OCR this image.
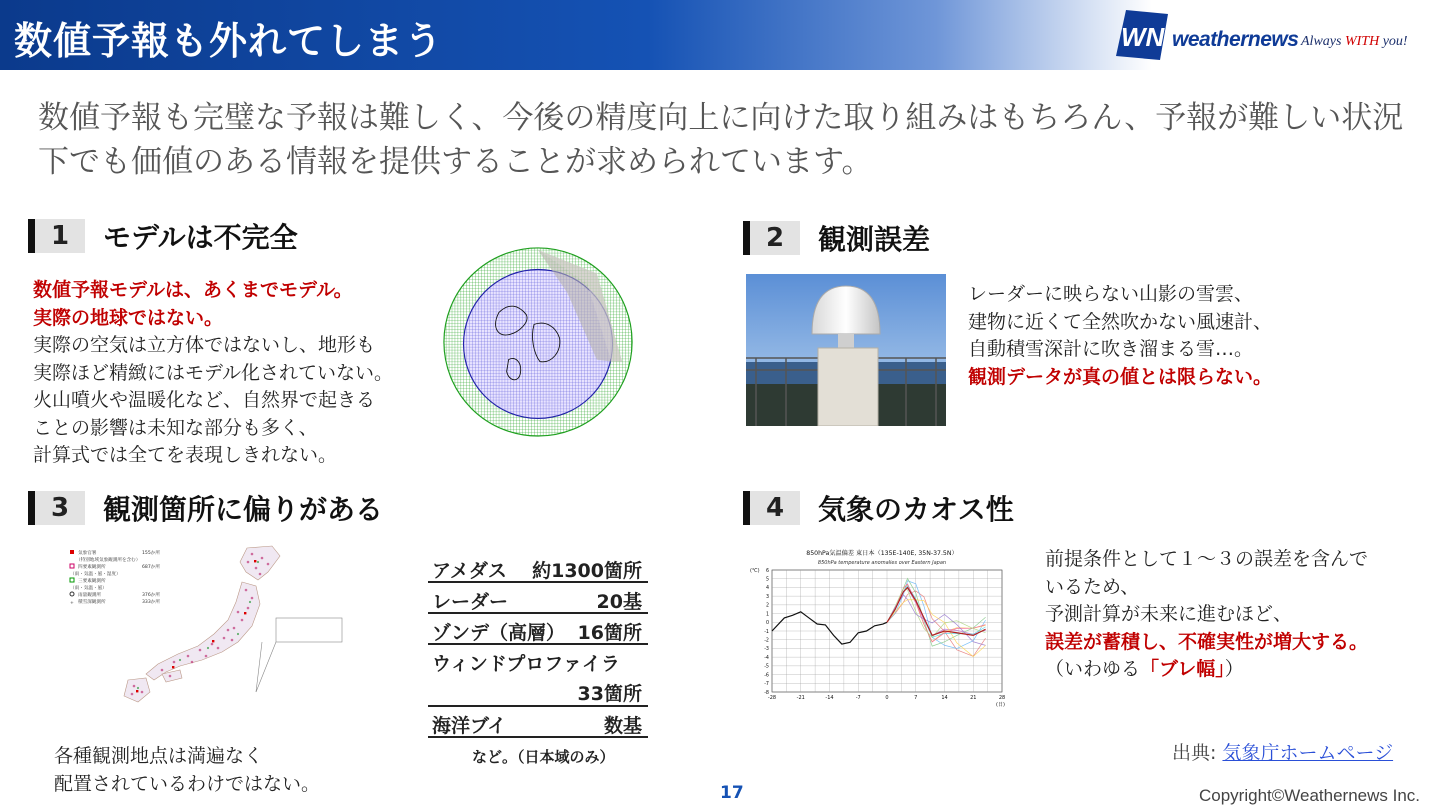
数値予報も外れてしまう	WN weathernews Always WITH you!
数値予報も完璧な予報は難しく、今後の精度向上に向けた取り組みはもちろん、予報が難しい状況下でも価値のある情報を提供することが求められています。
1	モデルは不完全
数値予報モデルは、あくまでモデル。
実際の地球ではない。
実際の空気は立方体ではないし、地形も
実際ほど精緻にはモデル化されていない。
火山噴火や温暖化など、自然界で起きる
ことの影響は未知な部分も多く、
計算式では全てを表現しきれない。
2	観測誤差
レーダーに映らない山影の雪雲、
建物に近くて全然吹かない風速計、
自動積雪深計に吹き溜まる雪…。
観測データが真の値とは限らない。
3	観測箇所に偏りがある
気象官署	155か所
（特別地域気象観測所を含む）
四要素観測所	687か所
（雨・気温・風・湿度）
三要素観測所
（雨・気温・風）
雨量観測所	376か所
+ 積雪深観測所	333か所
アメダス 約1300箇所
レーダー	20基
ゾンデ（高層） 16箇所
ウィンドプロファイラ
33箇所
海洋ブイ	数基
など。（日本域のみ）
各種観測地点は満遍なく
配置されているわけではない。
4	気象のカオス性
850hPa気温偏差 東日本（135E-140E, 35N-37.5N）
850hPa temperature anomalies over Eastern Japan
(℃)
(日)
6
5
4
3
2
1
0
-1
-2
-3
-4
-5
-6
-7
-8
-28	-21	-14	-7	0	7	14	21	28
前提条件として１～３の誤差を含んで
いるため、
予測計算が未来に進むほど、
誤差が蓄積し、不確実性が増大する。
（いわゆる「ブレ幅」）
出典: 気象庁ホームページ
17	Copyright©Weathernews Inc.
